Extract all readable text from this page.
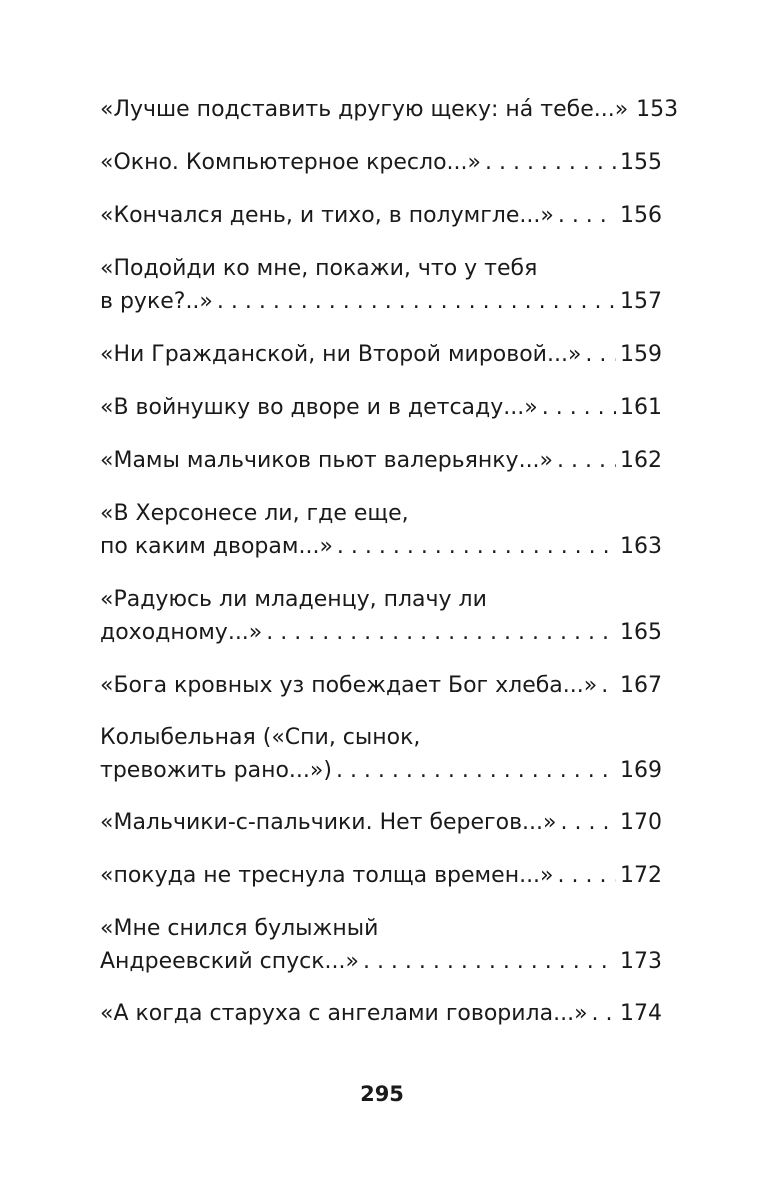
«Лучше подставить другую щеку: на́ тебе...» 153
«Окно. Компьютерное кресло...» . . .	155
«Кончался день, и тихо, в полумгле...» . . .	156
«Подойди ко мне, покажи, что у тебя
в руке?..» . . .	157
«Ни Гражданской, ни Второй мировой...» . . . 159
«В войнушку во дворе и в детсаду...» . . .	161
«Мамы мальчиков пьют валерьянку...» . . .	162
«В Херсонесе ли, где еще,
по каким дворам...» . . .	163
«Радуюсь ли младенцу, плачу ли
доходному...» . . .	165
«Бога кровных уз побеждает Бог хлеба...» . . . 167
Колыбельная («Спи, сынок,
тревожить рано...») . . .	169
«Мальчики-с-пальчики. Нет берегов...» . . .	170
«покуда не треснула толща времен...» . . .	172
«Мне снился булыжный
Андреевский спуск...» . . .	173
«А когда старуха с ангелами говорила...» . . . 174
295
